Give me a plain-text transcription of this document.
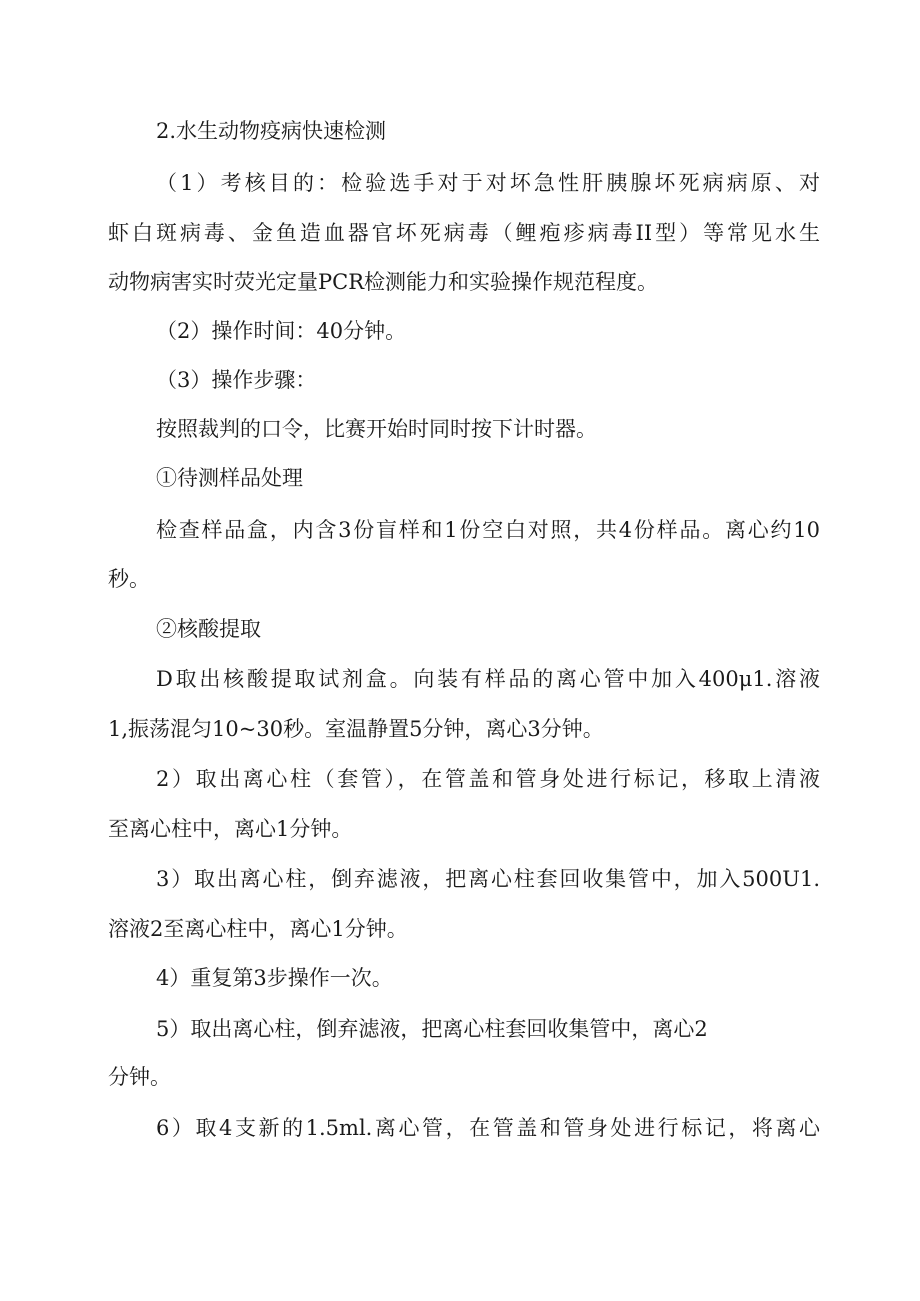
2.水生动物疫病快速检测
（1）考核目的：检验选手对于对坏急性肝胰腺坏死病病原、对
虾白斑病毒、金鱼造血器官坏死病毒（鲤疱疹病毒II型）等常见水生
动物病害实时荧光定量PCR检测能力和实验操作规范程度。
（2）操作时间：40分钟。
（3）操作步骤：
按照裁判的口令，比赛开始时同时按下计时器。
①待测样品处理
检查样品盒，内含3份盲样和1份空白对照，共4份样品。离心约10
秒。
②核酸提取
D取出核酸提取试剂盒。向装有样品的离心管中加入400μ1.溶液
1,振荡混匀10~30秒。室温静置5分钟，离心3分钟。
2）取出离心柱（套管），在管盖和管身处进行标记，移取上清液
至离心柱中，离心1分钟。
3）取出离心柱，倒弃滤液，把离心柱套回收集管中，加入500U1.
溶液2至离心柱中，离心1分钟。
4）重复第3步操作一次。
5）取出离心柱，倒弃滤液，把离心柱套回收集管中，离心2
分钟。
6）取4支新的1.5ml.离心管，在管盖和管身处进行标记，将离心
